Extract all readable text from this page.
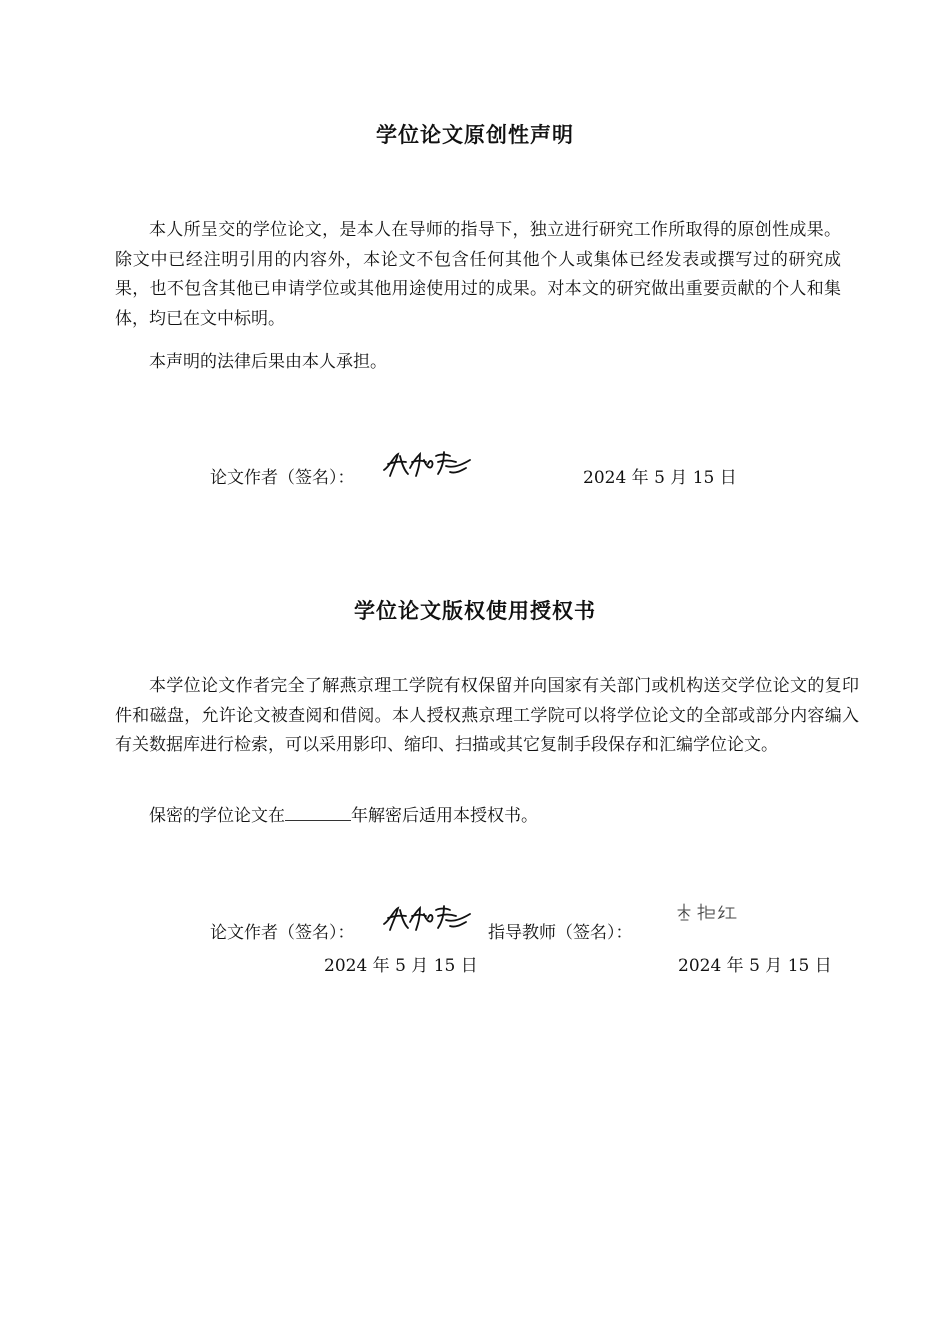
学位论文原创性声明

本人所呈交的学位论文，是本人在导师的指导下，独立进行研究工作所取得的原创性成果。除文中已经注明引用的内容外，本论文不包含任何其他个人或集体已经发表或撰写过的研究成果，也不包含其他已申请学位或其他用途使用过的成果。对本文的研究做出重要贡献的个人和集体，均已在文中标明。

本声明的法律后果由本人承担。

论文作者（签名）：	2024 年 5 月 15 日
学位论文版权使用授权书

本学位论文作者完全了解燕京理工学院有权保留并向国家有关部门或机构送交学位论文的复印件和磁盘，允许论文被查阅和借阅。本人授权燕京理工学院可以将学位论文的全部或部分内容编入有关数据库进行检索，可以采用影印、缩印、扫描或其它复制手段保存和汇编学位论文。

保密的学位论文在	年解密后适用本授权书。

论文作者（签名）：	指导教师（签名）：
2024 年 5 月 15 日	2024 年 5 月 15 日
